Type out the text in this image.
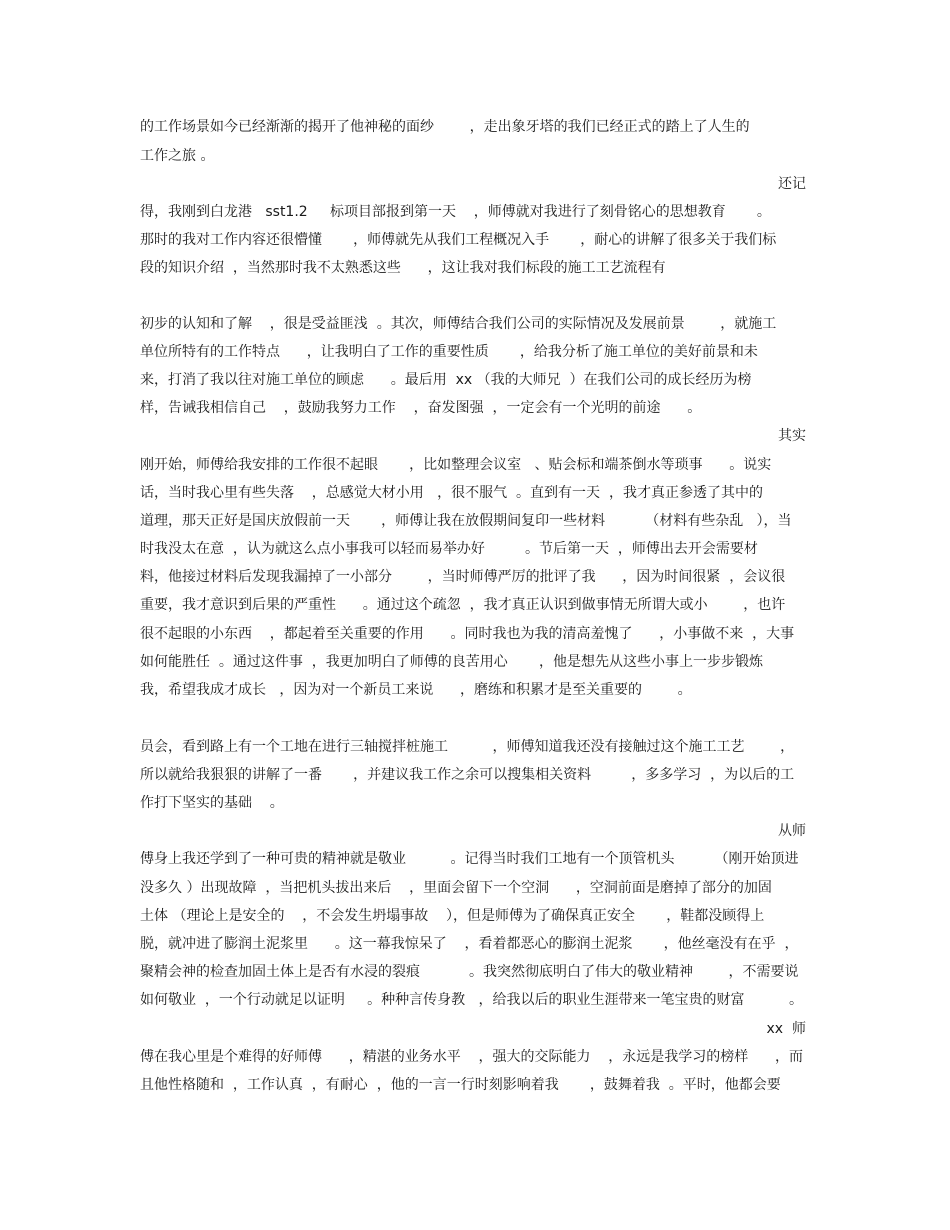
的工作场景如今已经渐渐的揭开了他神秘的面纱        ，走出象牙塔的我们已经正式的踏上了人生的
工作之旅 。
还记
得，我刚到白龙港   sst1.2     标项目部报到第一天    ，师傅就对我进行了刻骨铭心的思想教育       。
那时的我对工作内容还很懵懂       ，师傅就先从我们工程概况入手       ，耐心的讲解了很多关于我们标
段的知识介绍  ，当然那时我不太熟悉这些      ，这让我对我们标段的施工工艺流程有
初步的认知和了解    ，很是受益匪浅  。其次，师傅结合我们公司的实际情况及发展前景        ，就施工
单位所特有的工作特点      ，让我明白了工作的重要性质       ，给我分析了施工单位的美好前景和未
来，打消了我以往对施工单位的顾虑      。最后用  xx （我的大师兄  ）在我们公司的成长经历为榜
样，告诫我相信自己    ，鼓励我努力工作    ，奋发图强  ，一定会有一个光明的前途      。
其实
刚开始，师傅给我安排的工作很不起眼       ，比如整理会议室   、贴会标和端茶倒水等琐事      。说实
话，当时我心里有些失落    ，总感觉大材小用   ，很不服气  。直到有一天  ，我才真正参透了其中的
道理，那天正好是国庆放假前一天       ，师傅让我在放假期间复印一些材料         （材料有些杂乱   ），当
时我没太在意  ，认为就这么点小事我可以轻而易举办好         。节后第一天  ，师傅出去开会需要材
料，他接过材料后发现我漏掉了一小部分        ，当时师傅严厉的批评了我      ，因为时间很紧  ，会议很
重要，我才意识到后果的严重性      。通过这个疏忽  ，我才真正认识到做事情无所谓大或小        ，也许
很不起眼的小东西    ，都起着至关重要的作用      。同时我也为我的清高羞愧了      ，小事做不来  ，大事
如何能胜任  。通过这件事  ，我更加明白了师傅的良苦用心       ，他是想先从这些小事上一步步锻炼
我，希望我成才成长   ，因为对一个新员工来说      ，磨练和积累才是至关重要的        。
员会，看到路上有一个工地在进行三轴搅拌桩施工          ，师傅知道我还没有接触过这个施工工艺        ，
所以就给我狠狠的讲解了一番       ，并建议我工作之余可以搜集相关资料         ，多多学习  ，为以后的工
作打下坚实的基础    。
从师
傅身上我还学到了一种可贵的精神就是敬业          。记得当时我们工地有一个顶管机头         （刚开始顶进
没多久 ）出现故障  ，当把机头拔出来后    ，里面会留下一个空洞      ，空洞前面是磨掉了部分的加固
土体 （理论上是安全的    ，不会发生坍塌事故    ），但是师傅为了确保真正安全       ，鞋都没顾得上
脱，就冲进了膨润土泥浆里      。这一幕我惊呆了    ，看着都恶心的膨润土泥浆       ，他丝毫没有在乎  ，
聚精会神的检查加固土体上是否有水浸的裂痕           。我突然彻底明白了伟大的敬业精神        ，不需要说
如何敬业  ，一个行动就足以证明     。种种言传身教   ，给我以后的职业生涯带来一笔宝贵的财富          。
xx  师
傅在我心里是个难得的好师傅      ，精湛的业务水平    ，强大的交际能力    ，永远是我学习的榜样      ，而
且他性格随和  ，工作认真  ，有耐心  ，他的一言一行时刻影响着我       ，鼓舞着我  。平时，他都会要
